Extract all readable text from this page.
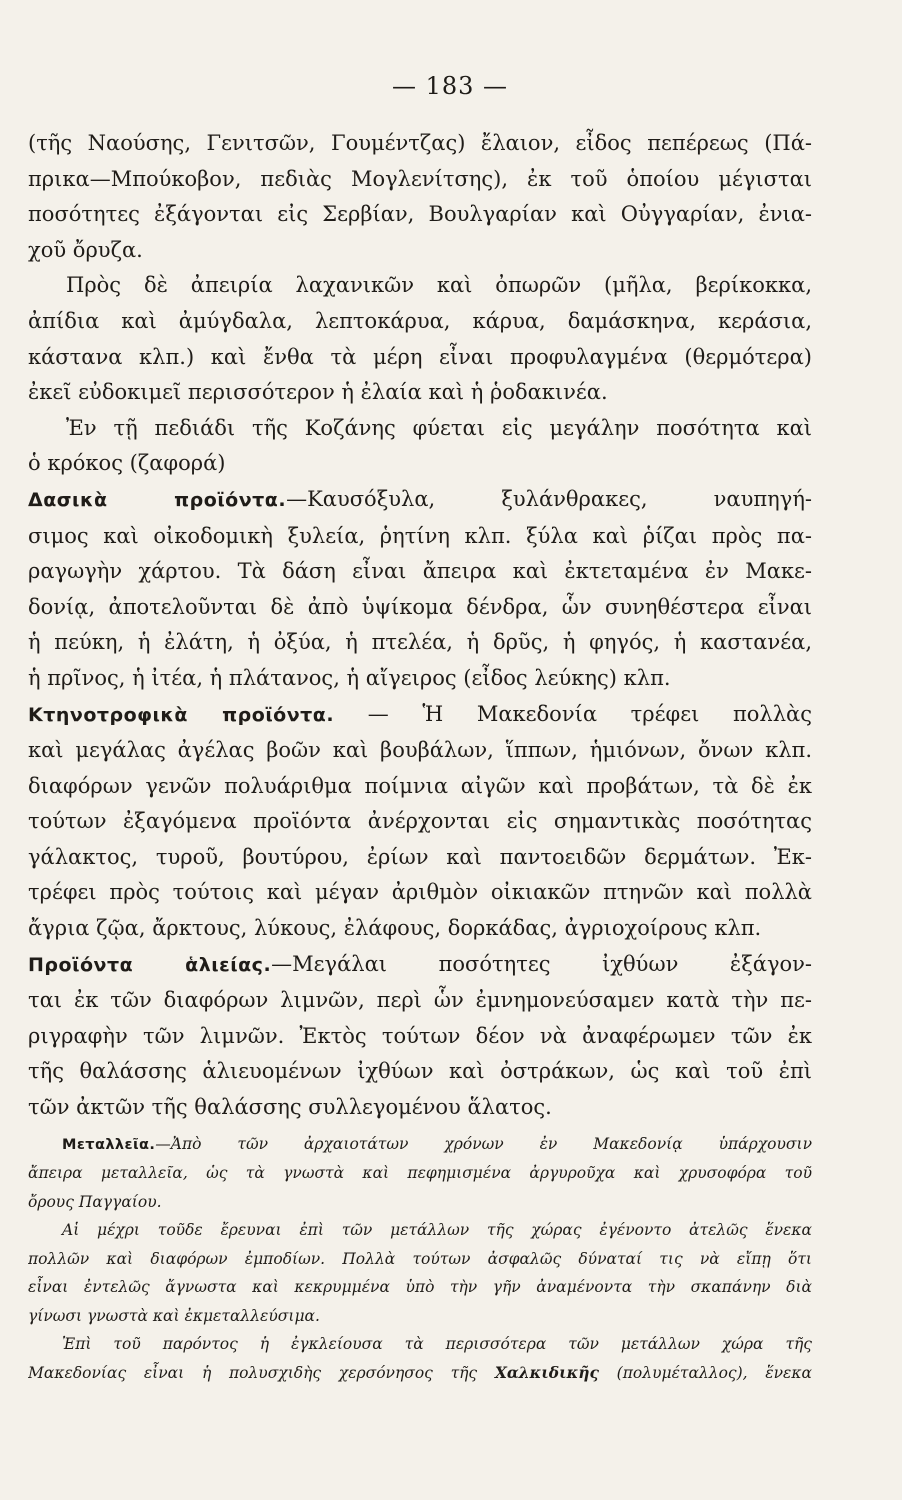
— 183 —
(τῆς Ναούσης, Γενιτσῶν, Γουμέντζας) ἔλαιον, εἶδος πεπέρεως (Πά-
πρικα—Μπούκοβον, πεδιὰς Μογλενίτσης), ἐκ τοῦ ὁποίου μέγισται
ποσότητες ἐξάγονται εἰς Σερβίαν, Βουλγαρίαν καὶ Οὐγγαρίαν, ἐνια-
χοῦ ὄρυζα.
Πρὸς δὲ ἀπειρία λαχανικῶν καὶ ὀπωρῶν (μῆλα, βερίκοκκα,
ἀπίδια καὶ ἀμύγδαλα, λεπτοκάρυα, κάρυα, δαμάσκηνα, κεράσια,
κάστανα κλπ.) καὶ ἔνθα τὰ μέρη εἶναι προφυλαγμένα (θερμότερα)
ἐκεῖ εὐδοκιμεῖ περισσότερον ἡ ἐλαία καὶ ἡ ῥοδακινέα.
Ἐν τῇ πεδιάδι τῆς Κοζάνης φύεται εἰς μεγάλην ποσότητα καὶ
ὁ κρόκος (ζαφορά)
Δασικὰ προϊόντα.—Καυσόξυλα, ξυλάνθρακες, ναυπηγή-
σιμος καὶ οἰκοδομικὴ ξυλεία, ῥητίνη κλπ. ξύλα καὶ ῥίζαι πρὸς πα-
ραγωγὴν χάρτου. Τὰ δάση εἶναι ἄπειρα καὶ ἐκτεταμένα ἐν Μακε-
δονίᾳ, ἀποτελοῦνται δὲ ἀπὸ ὑψίκομα δένδρα, ὧν συνηθέστερα εἶναι
ἡ πεύκη, ἡ ἐλάτη, ἡ ὀξύα, ἡ πτελέα, ἡ δρῦς, ἡ φηγός, ἡ καστανέα,
ἡ πρῖνος, ἡ ἰτέα, ἡ πλάτανος, ἡ αἴγειρος (εἶδος λεύκης) κλπ.
Κτηνοτροφικὰ προϊόντα. — Ἡ Μακεδονία τρέφει πολλὰς
καὶ μεγάλας ἀγέλας βοῶν καὶ βουβάλων, ἵππων, ἡμιόνων, ὄνων κλπ.
διαφόρων γενῶν πολυάριθμα ποίμνια αἰγῶν καὶ προβάτων, τὰ δὲ ἐκ
τούτων ἐξαγόμενα προϊόντα ἀνέρχονται εἰς σημαντικὰς ποσότητας
γάλακτος, τυροῦ, βουτύρου, ἐρίων καὶ παντοειδῶν δερμάτων. Ἐκ-
τρέφει πρὸς τούτοις καὶ μέγαν ἀριθμὸν οἰκιακῶν πτηνῶν καὶ πολλὰ
ἄγρια ζῷα, ἄρκτους, λύκους, ἐλάφους, δορκάδας, ἀγριοχοίρους κλπ.
Προϊόντα ἁλιείας.—Μεγάλαι ποσότητες ἰχθύων ἐξάγον-
ται ἐκ τῶν διαφόρων λιμνῶν, περὶ ὧν ἐμνημονεύσαμεν κατὰ τὴν πε-
ριγραφὴν τῶν λιμνῶν. Ἐκτὸς τούτων δέον νὰ ἀναφέρωμεν τῶν ἐκ
τῆς θαλάσσης ἁλιευομένων ἰχθύων καὶ ὀστράκων, ὡς καὶ τοῦ ἐπὶ
τῶν ἀκτῶν τῆς θαλάσσης συλλεγομένου ἅλατος.
Μεταλλεῖα.—Ἀπὸ τῶν ἀρχαιοτάτων χρόνων ἐν Μακεδονίᾳ ὑπάρχουσιν
ἄπειρα μεταλλεῖα, ὡς τὰ γνωστὰ καὶ πεφημισμένα ἀργυροῦχα καὶ χρυσοφόρα τοῦ
ὄρους Παγγαίου.
Αἱ μέχρι τοῦδε ἔρευναι ἐπὶ τῶν μετάλλων τῆς χώρας ἐγένοντο ἀτελῶς ἕνεκα
πολλῶν καὶ διαφόρων ἐμποδίων. Πολλὰ τούτων ἀσφαλῶς δύναταί τις νὰ εἴπῃ ὅτι
εἶναι ἐντελῶς ἄγνωστα καὶ κεκρυμμένα ὑπὸ τὴν γῆν ἀναμένοντα τὴν σκαπάνην διὰ
γίνωσι γνωστὰ καὶ ἐκμεταλλεύσιμα.
Ἐπὶ τοῦ παρόντος ἡ ἐγκλείουσα τὰ περισσότερα τῶν μετάλλων χώρα τῆς
Μακεδονίας εἶναι ἡ πολυσχιδὴς χερσόνησος τῆς Χαλκιδικῆς (πολυμέταλλος), ἕνεκα
